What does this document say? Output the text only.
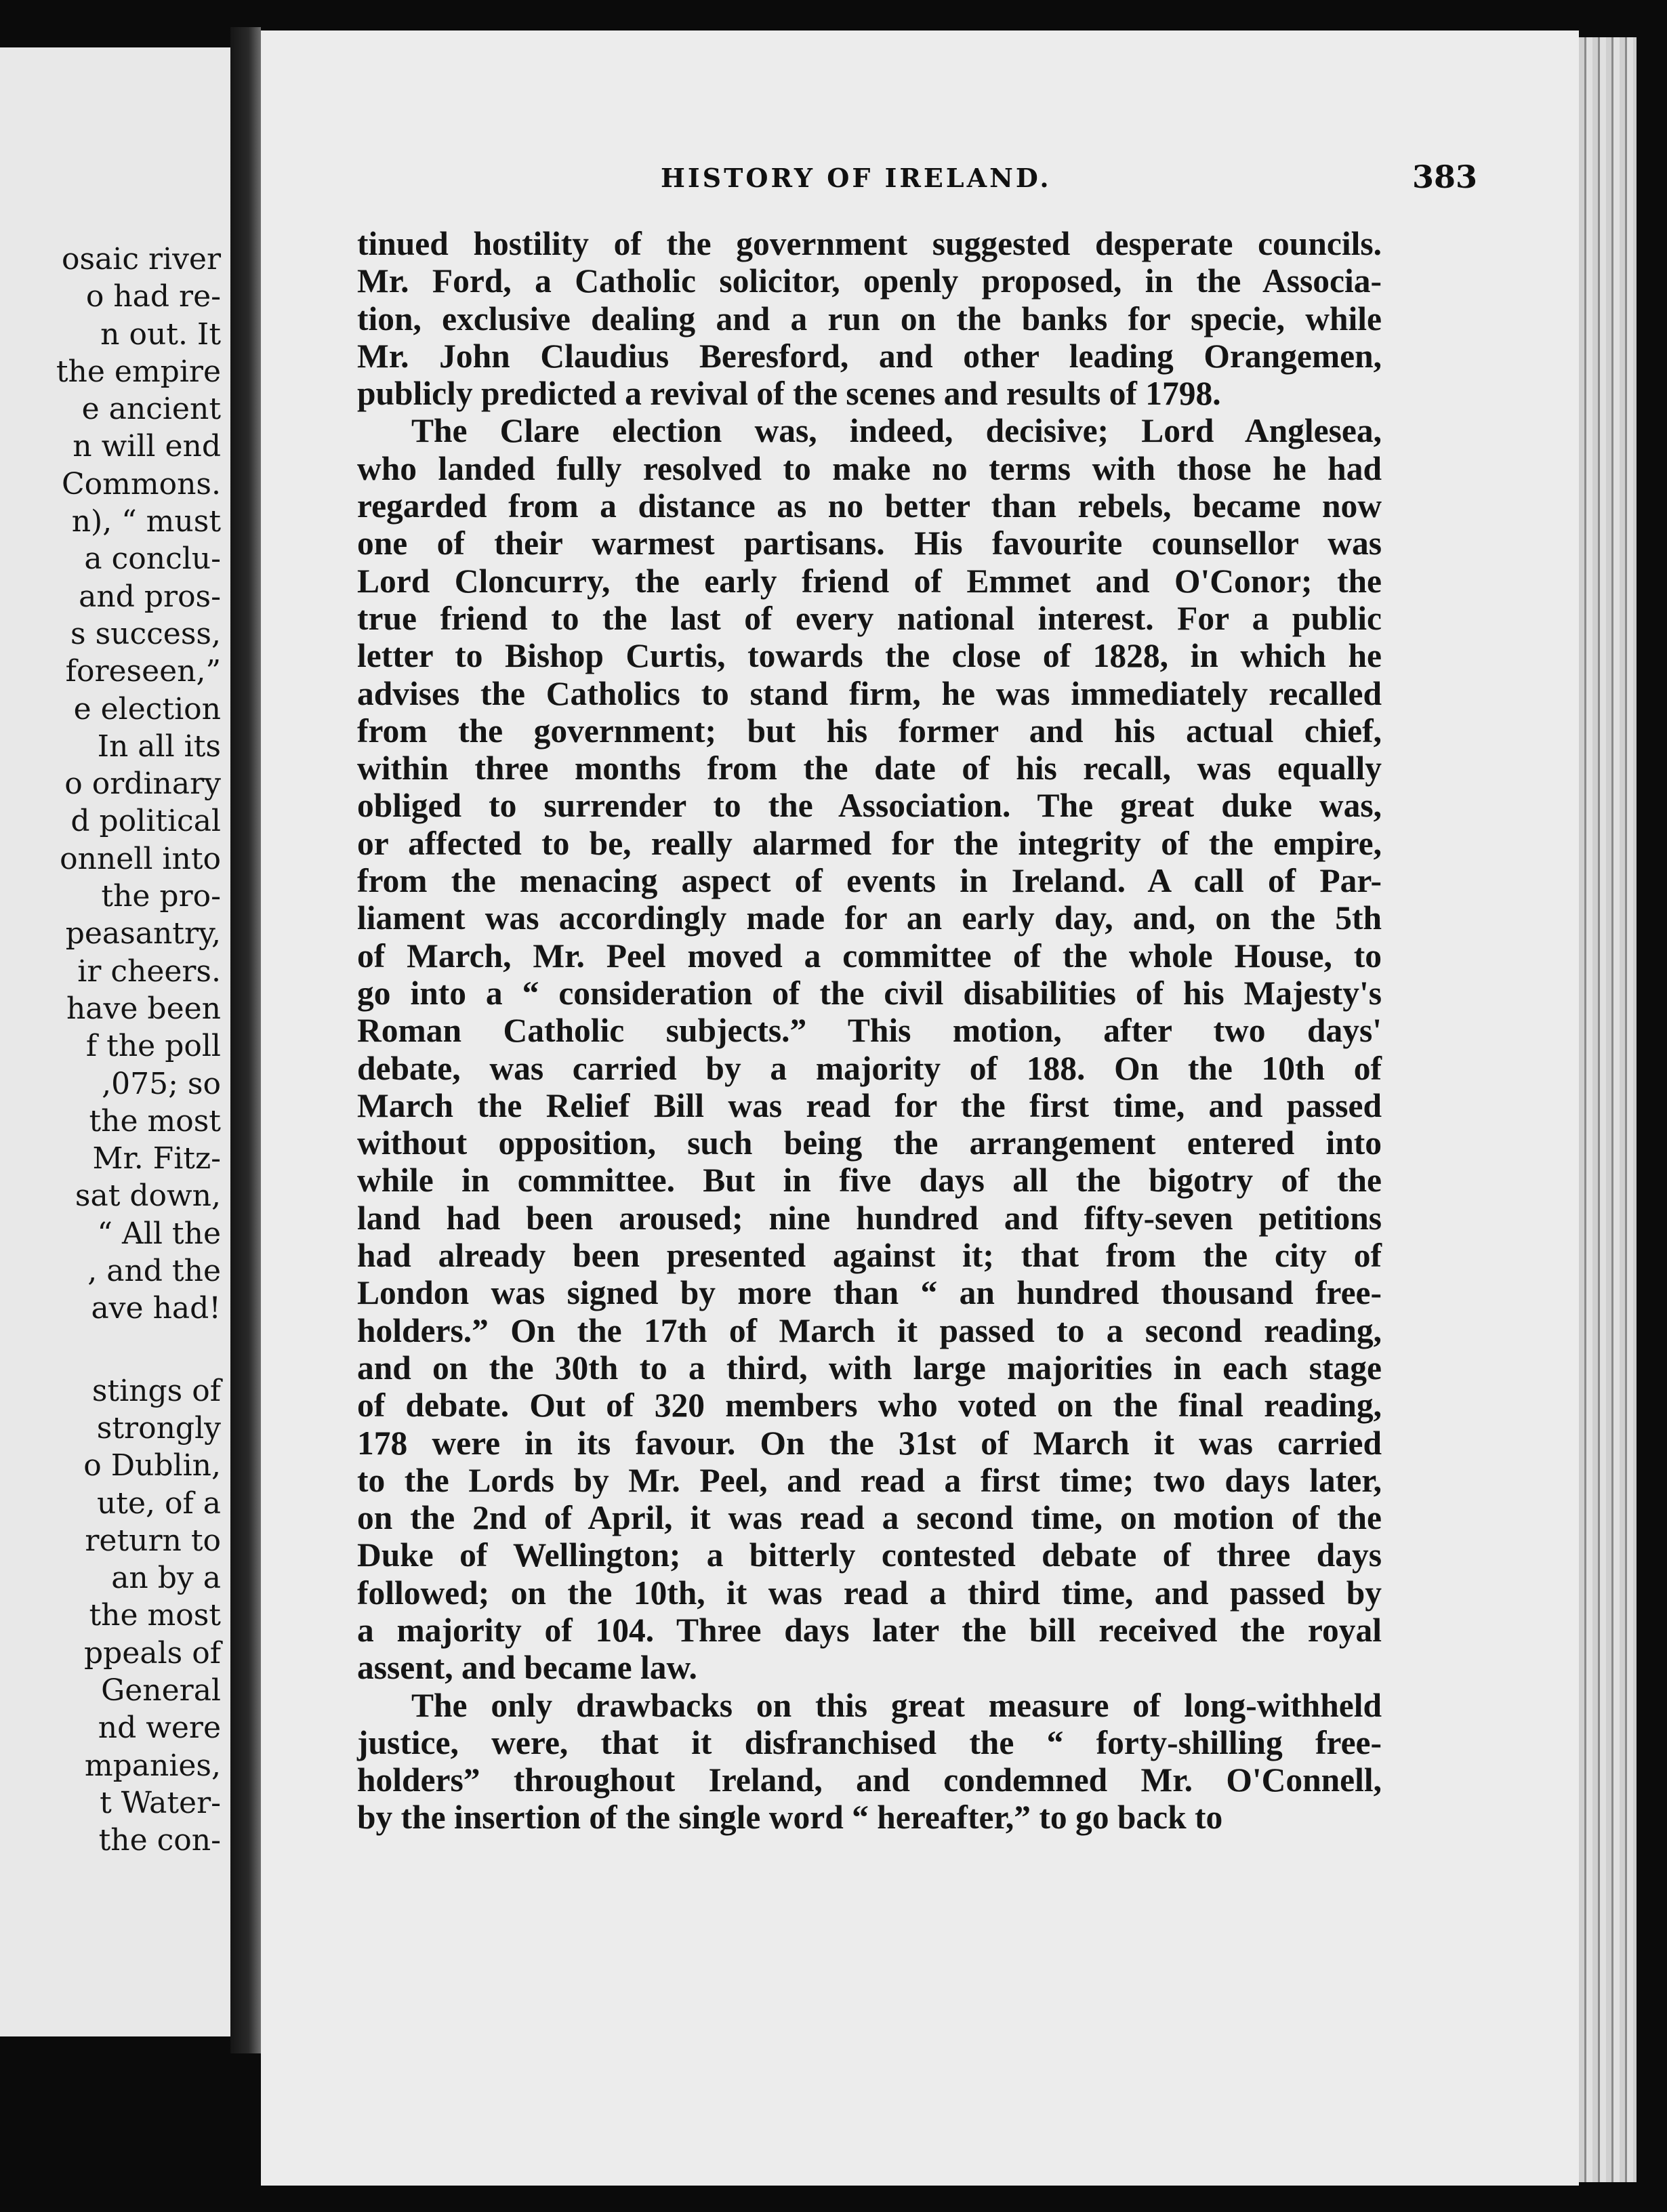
osaic river
o had re-
n out. It
the empire
e ancient
n will end
Commons.
n), “ must
a conclu-
and pros-
s success,
foreseen,”
e election
In all its
o ordinary
d political
onnell into
the pro-
peasantry,
ir cheers.
have been
f the poll
,075; so
the most
Mr. Fitz-
sat down,
“ All the
, and the
ave had!
stings of
strongly
o Dublin,
ute, of a
return to
an by a
the most
ppeals of
General
nd were
mpanies,
t Water-
the con-
HISTORY OF IRELAND.	383
tinued hostility of the government suggested desperate councils.
Mr. Ford, a Catholic solicitor, openly proposed, in the Associa-
tion, exclusive dealing and a run on the banks for specie, while
Mr. John Claudius Beresford, and other leading Orangemen,
publicly predicted a revival of the scenes and results of 1798.
The Clare election was, indeed, decisive; Lord Anglesea,
who landed fully resolved to make no terms with those he had
regarded from a distance as no better than rebels, became now
one of their warmest partisans. His favourite counsellor was
Lord Cloncurry, the early friend of Emmet and O'Conor; the
true friend to the last of every national interest. For a public
letter to Bishop Curtis, towards the close of 1828, in which he
advises the Catholics to stand firm, he was immediately recalled
from the government; but his former and his actual chief,
within three months from the date of his recall, was equally
obliged to surrender to the Association. The great duke was,
or affected to be, really alarmed for the integrity of the empire,
from the menacing aspect of events in Ireland. A call of Par-
liament was accordingly made for an early day, and, on the 5th
of March, Mr. Peel moved a committee of the whole House, to
go into a “ consideration of the civil disabilities of his Majesty's
Roman Catholic subjects.” This motion, after two days'
debate, was carried by a majority of 188. On the 10th of
March the Relief Bill was read for the first time, and passed
without opposition, such being the arrangement entered into
while in committee. But in five days all the bigotry of the
land had been aroused; nine hundred and fifty-seven petitions
had already been presented against it; that from the city of
London was signed by more than “ an hundred thousand free-
holders.” On the 17th of March it passed to a second reading,
and on the 30th to a third, with large majorities in each stage
of debate. Out of 320 members who voted on the final reading,
178 were in its favour. On the 31st of March it was carried
to the Lords by Mr. Peel, and read a first time; two days later,
on the 2nd of April, it was read a second time, on motion of the
Duke of Wellington; a bitterly contested debate of three days
followed; on the 10th, it was read a third time, and passed by
a majority of 104. Three days later the bill received the royal
assent, and became law.
The only drawbacks on this great measure of long-withheld
justice, were, that it disfranchised the “ forty-shilling free-
holders” throughout Ireland, and condemned Mr. O'Connell,
by the insertion of the single word “ hereafter,” to go back to
